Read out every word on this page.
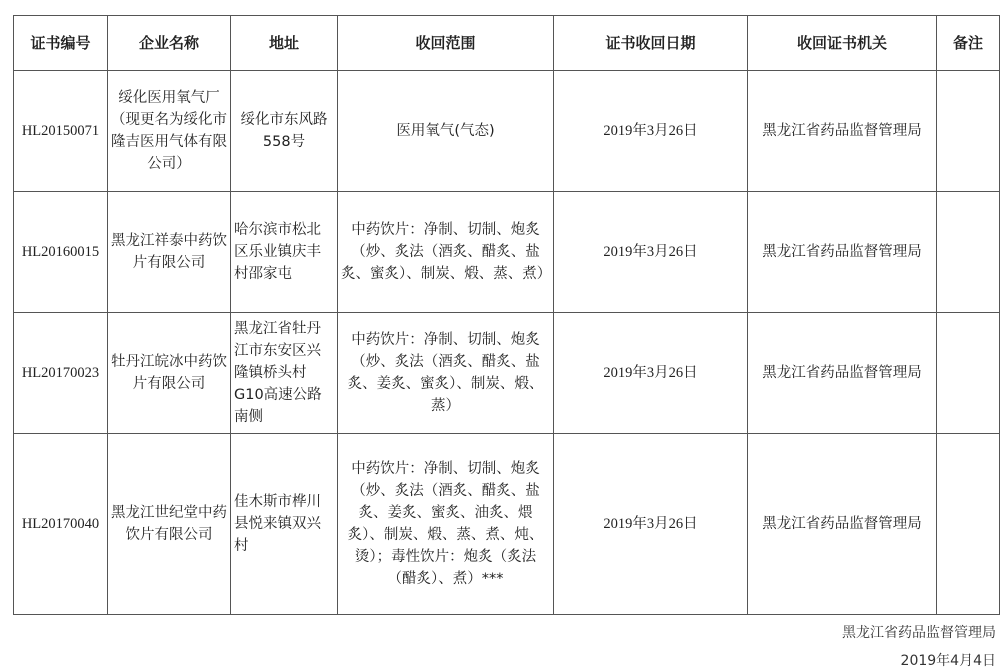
证书编号	企业名称	地址	收回范围	证书收回日期	收回证书机关	备注
HL20150071	绥化医用氧气厂（现更名为绥化市隆吉医用气体有限公司）	绥化市东风路558号	医用氧气(气态)	2019年3月26日	黑龙江省药品监督管理局	
HL20160015	黑龙江祥泰中药饮片有限公司	哈尔滨市松北区乐业镇庆丰村邵家屯	中药饮片：净制、切制、炮炙（炒、炙法（酒炙、醋炙、盐炙、蜜炙）、制炭、煅、蒸、煮）	2019年3月26日	黑龙江省药品监督管理局	
HL20170023	牡丹江皖冰中药饮片有限公司	黑龙江省牡丹江市东安区兴隆镇桥头村G10高速公路南侧	中药饮片：净制、切制、炮炙（炒、炙法（酒炙、醋炙、盐炙、姜炙、蜜炙）、制炭、煅、蒸）	2019年3月26日	黑龙江省药品监督管理局	
HL20170040	黑龙江世纪堂中药饮片有限公司	佳木斯市桦川县悦来镇双兴村	中药饮片：净制、切制、炮炙（炒、炙法（酒炙、醋炙、盐炙、姜炙、蜜炙、油炙、煨炙）、制炭、煅、蒸、煮、炖、烫）；毒性饮片：炮炙（炙法（醋炙）、煮）***	2019年3月26日	黑龙江省药品监督管理局	
黑龙江省药品监督管理局
2019年4月4日
